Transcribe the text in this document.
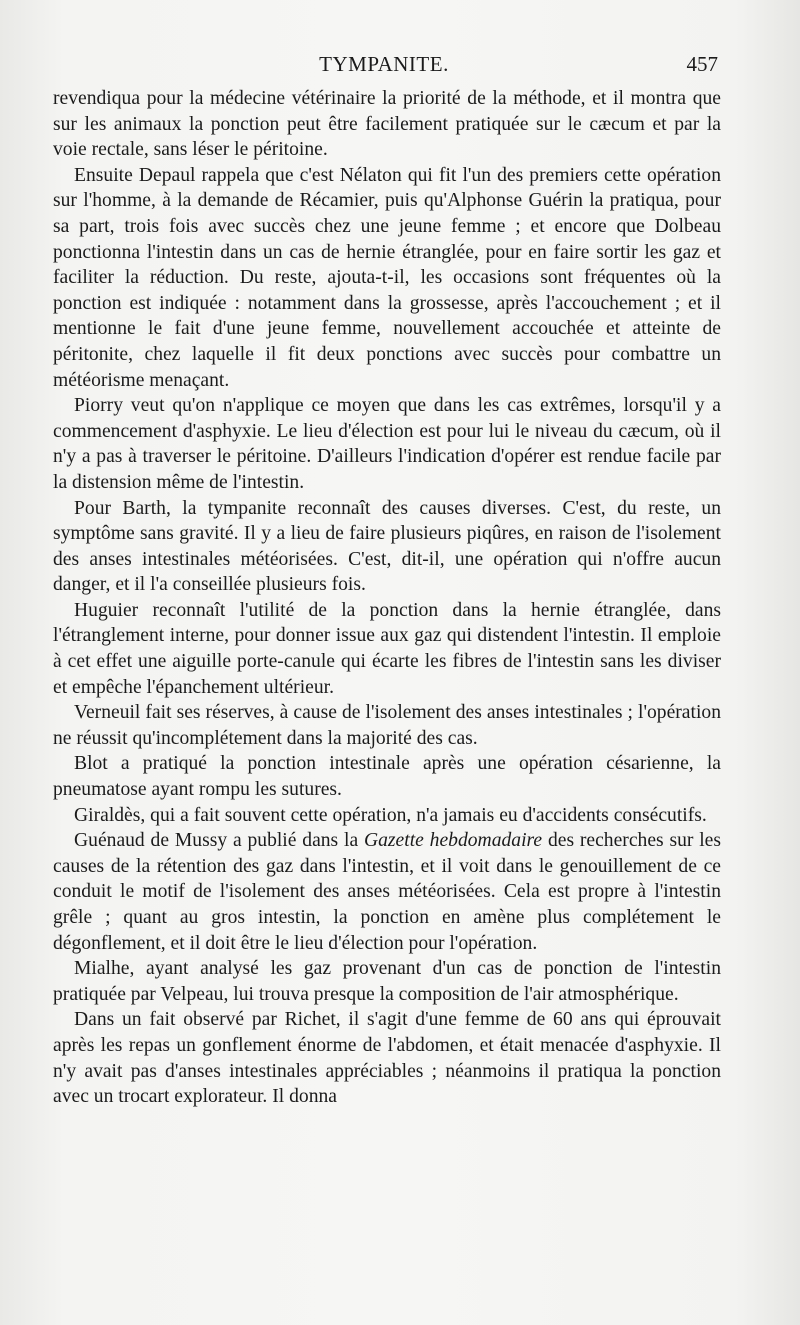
TYMPANITE.	457

revendiqua pour la médecine vétérinaire la priorité de la méthode, et il montra que sur les animaux la ponction peut être facilement pratiquée sur le cæcum et par la voie rectale, sans léser le péritoine.

Ensuite Depaul rappela que c'est Nélaton qui fit l'un des premiers cette opération sur l'homme, à la demande de Récamier, puis qu'Alphonse Guérin la pratiqua, pour sa part, trois fois avec succès chez une jeune femme ; et encore que Dolbeau ponctionna l'intestin dans un cas de hernie étranglée, pour en faire sortir les gaz et faciliter la réduction. Du reste, ajouta-t-il, les occasions sont fréquentes où la ponction est indiquée : notamment dans la grossesse, après l'accouchement ; et il mentionne le fait d'une jeune femme, nouvellement accouchée et atteinte de péritonite, chez laquelle il fit deux ponctions avec succès pour combattre un météorisme menaçant.

Piorry veut qu'on n'applique ce moyen que dans les cas extrêmes, lorsqu'il y a commencement d'asphyxie. Le lieu d'élection est pour lui le niveau du cæcum, où il n'y a pas à traverser le péritoine. D'ailleurs l'indication d'opérer est rendue facile par la distension même de l'intestin.

Pour Barth, la tympanite reconnaît des causes diverses. C'est, du reste, un symptôme sans gravité. Il y a lieu de faire plusieurs piqûres, en raison de l'isolement des anses intestinales météorisées. C'est, dit-il, une opération qui n'offre aucun danger, et il l'a conseillée plusieurs fois.

Huguier reconnaît l'utilité de la ponction dans la hernie étranglée, dans l'étranglement interne, pour donner issue aux gaz qui distendent l'intestin. Il emploie à cet effet une aiguille porte-canule qui écarte les fibres de l'intestin sans les diviser et empêche l'épanchement ultérieur.

Verneuil fait ses réserves, à cause de l'isolement des anses intestinales ; l'opération ne réussit qu'incomplétement dans la majorité des cas.

Blot a pratiqué la ponction intestinale après une opération césarienne, la pneumatose ayant rompu les sutures.

Giraldès, qui a fait souvent cette opération, n'a jamais eu d'accidents consécutifs.

Guénaud de Mussy a publié dans la Gazette hebdomadaire des recherches sur les causes de la rétention des gaz dans l'intestin, et il voit dans le genouillement de ce conduit le motif de l'isolement des anses météorisées. Cela est propre à l'intestin grêle ; quant au gros intestin, la ponction en amène plus complétement le dégonflement, et il doit être le lieu d'élection pour l'opération.

Mialhe, ayant analysé les gaz provenant d'un cas de ponction de l'intestin pratiquée par Velpeau, lui trouva presque la composition de l'air atmosphérique.

Dans un fait observé par Richet, il s'agit d'une femme de 60 ans qui éprouvait après les repas un gonflement énorme de l'abdomen, et était menacée d'asphyxie. Il n'y avait pas d'anses intestinales appréciables ; néanmoins il pratiqua la ponction avec un trocart explorateur. Il donna
